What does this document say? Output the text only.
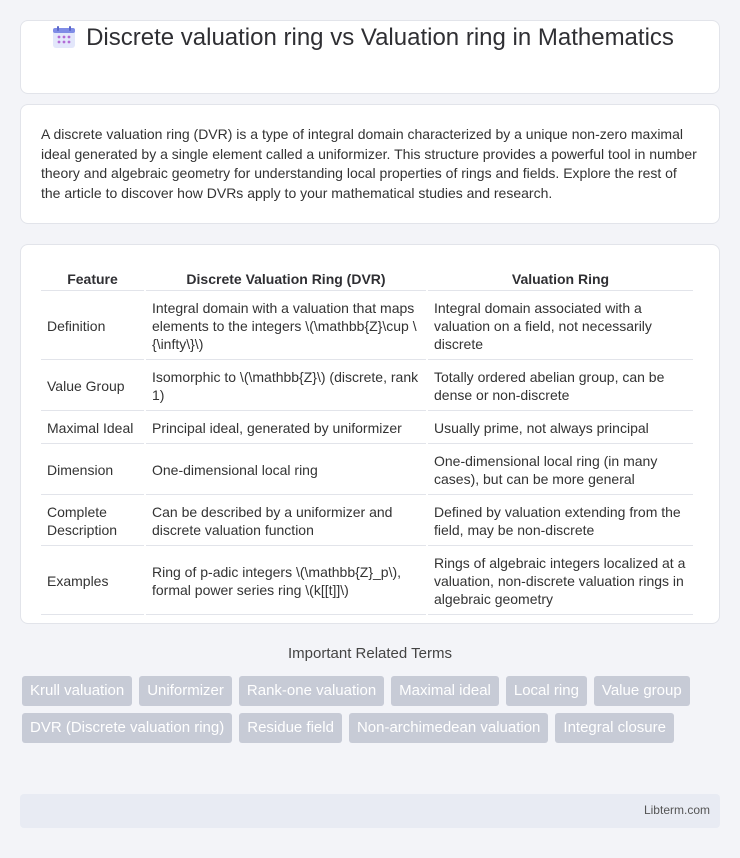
Discrete valuation ring vs Valuation ring in Mathematics

A discrete valuation ring (DVR) is a type of integral domain characterized by a unique non-zero maximal ideal generated by a single element called a uniformizer. This structure provides a powerful tool in number theory and algebraic geometry for understanding local properties of rings and fields. Explore the rest of the article to discover how DVRs apply to your mathematical studies and research.

Feature	Discrete Valuation Ring (DVR)	Valuation Ring
Definition	Integral domain with a valuation that maps elements to the integers \(\mathbb{Z}\cup \{\infty\}\)	Integral domain associated with a valuation on a field, not necessarily discrete
Value Group	Isomorphic to \(\mathbb{Z}\) (discrete, rank 1)	Totally ordered abelian group, can be dense or non-discrete
Maximal Ideal	Principal ideal, generated by uniformizer	Usually prime, not always principal
Dimension	One-dimensional local ring	One-dimensional local ring (in many cases), but can be more general
Complete Description	Can be described by a uniformizer and discrete valuation function	Defined by valuation extending from the field, may be non-discrete
Examples	Ring of p-adic integers \(\mathbb{Z}_p\), formal power series ring \(k[[t]]\)	Rings of algebraic integers localized at a valuation, non-discrete valuation rings in algebraic geometry
Important Related Terms
Krull valuation	Uniformizer	Rank-one valuation	Maximal ideal	Local ring	Value group
DVR (Discrete valuation ring)	Residue field	Non-archimedean valuation	Integral closure
Libterm.com
